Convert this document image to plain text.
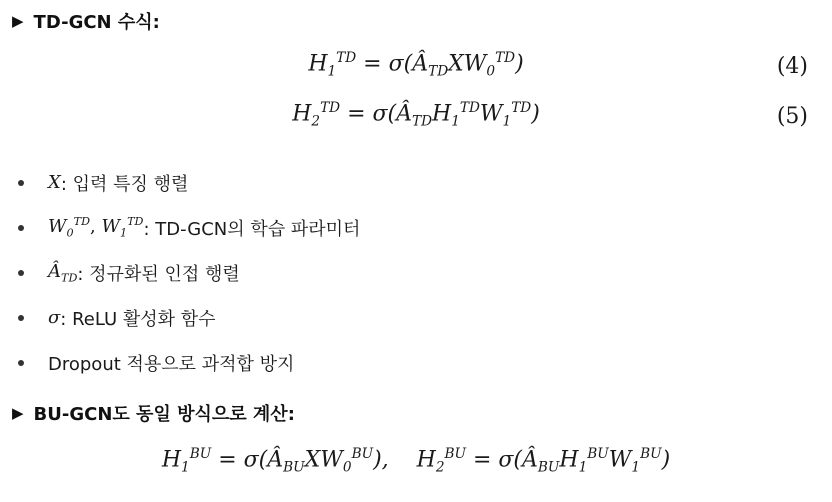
▶ TD-GCN 수식:
$H_1^{TD}$ = $\sigma(Â_{TD}XW_0^{TD})$	(4)
$H_2^{TD}$ = $\sigma(Â_{TD}H_1^{TD}W_1^{TD})$	(5)
X : 입력 특징 행렬
$W_0^{TD}$, $W_1^{TD}$ : TD-GCN의 학습 파라미터
$Â_{TD}$ : 정규화된 인접 행렬
σ : ReLU 활성화 함수
Dropout 적용으로 과적합 방지
▶ BU-GCN도 동일 방식으로 계산:
$H_1^{BU}$ = $\sigma(Â_{BU}XW_0^{BU})$,    $H_2^{BU}$ = $\sigma(Â_{BU}H_1^{BU}W_1^{BU})$
